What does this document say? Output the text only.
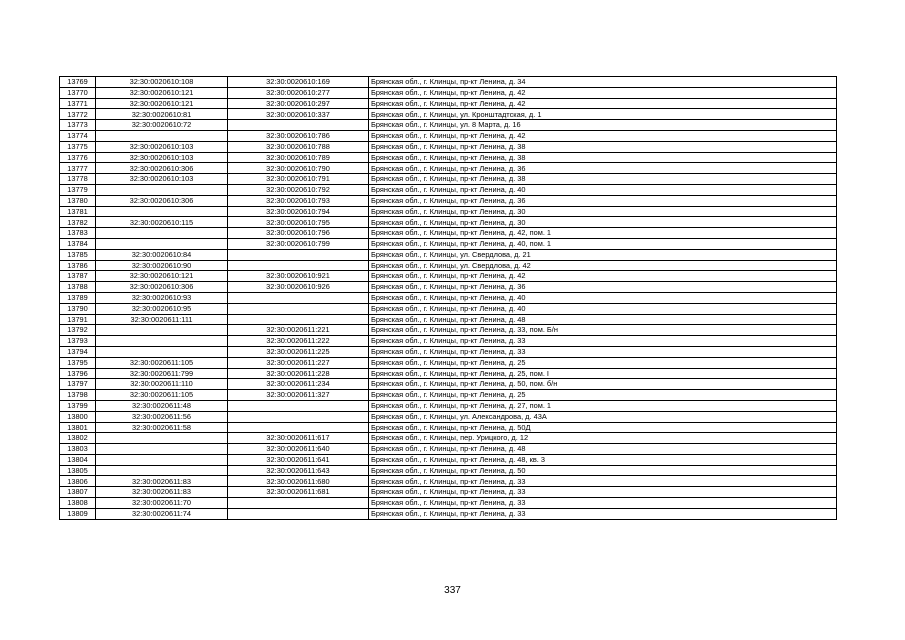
13769	32:30:0020610:108	32:30:0020610:169	Брянская обл., г. Клинцы, пр-кт Ленина, д. 34
13770	32:30:0020610:121	32:30:0020610:277	Брянская обл., г. Клинцы, пр-кт Ленина, д. 42
13771	32:30:0020610:121	32:30:0020610:297	Брянская обл., г. Клинцы, пр-кт Ленина, д. 42
13772	32:30:0020610:81	32:30:0020610:337	Брянская обл., г. Клинцы, ул. Кронштадтская, д. 1
13773	32:30:0020610:72		Брянская обл., г. Клинцы, ул. 8 Марта, д. 16
13774		32:30:0020610:786	Брянская обл., г. Клинцы, пр-кт Ленина, д. 42
13775	32:30:0020610:103	32:30:0020610:788	Брянская обл., г. Клинцы, пр-кт Ленина, д. 38
13776	32:30:0020610:103	32:30:0020610:789	Брянская обл., г. Клинцы, пр-кт Ленина, д. 38
13777	32:30:0020610:306	32:30:0020610:790	Брянская обл., г. Клинцы, пр-кт Ленина, д. 36
13778	32:30:0020610:103	32:30:0020610:791	Брянская обл., г. Клинцы, пр-кт Ленина, д. 38
13779		32:30:0020610:792	Брянская обл., г. Клинцы, пр-кт Ленина, д. 40
13780	32:30:0020610:306	32:30:0020610:793	Брянская обл., г. Клинцы, пр-кт Ленина, д. 36
13781		32:30:0020610:794	Брянская обл., г. Клинцы, пр-кт Ленина, д. 30
13782	32:30:0020610:115	32:30:0020610:795	Брянская обл., г. Клинцы, пр-кт Ленина, д. 30
13783		32:30:0020610:796	Брянская обл., г. Клинцы, пр-кт Ленина, д. 42, пом. 1
13784		32:30:0020610:799	Брянская обл., г. Клинцы, пр-кт Ленина, д. 40, пом. 1
13785	32:30:0020610:84		Брянская обл., г. Клинцы, ул. Свердлова, д. 21
13786	32:30:0020610:90		Брянская обл., г. Клинцы, ул. Свердлова, д. 42
13787	32:30:0020610:121	32:30:0020610:921	Брянская обл., г. Клинцы, пр-кт Ленина, д. 42
13788	32:30:0020610:306	32:30:0020610:926	Брянская обл., г. Клинцы, пр-кт Ленина, д. 36
13789	32:30:0020610:93		Брянская обл., г. Клинцы, пр-кт Ленина, д. 40
13790	32:30:0020610:95		Брянская обл., г. Клинцы, пр-кт Ленина, д. 40
13791	32:30:0020611:111		Брянская обл., г. Клинцы, пр-кт Ленина, д. 48
13792		32:30:0020611:221	Брянская обл., г. Клинцы, пр-кт Ленина, д. 33, пом. Б/н
13793		32:30:0020611:222	Брянская обл., г. Клинцы, пр-кт Ленина, д. 33
13794		32:30:0020611:225	Брянская обл., г. Клинцы, пр-кт Ленина, д. 33
13795	32:30:0020611:105	32:30:0020611:227	Брянская обл., г. Клинцы, пр-кт Ленина, д. 25
13796	32:30:0020611:799	32:30:0020611:228	Брянская обл., г. Клинцы, пр-кт Ленина, д. 25, пом. I
13797	32:30:0020611:110	32:30:0020611:234	Брянская обл., г. Клинцы, пр-кт Ленина, д. 50, пом. б/н
13798	32:30:0020611:105	32:30:0020611:327	Брянская обл., г. Клинцы, пр-кт Ленина, д. 25
13799	32:30:0020611:48		Брянская обл., г. Клинцы, пр-кт Ленина, д. 27, пом. 1
13800	32:30:0020611:56		Брянская обл., г. Клинцы, ул. Александрова, д. 43А
13801	32:30:0020611:58		Брянская обл., г. Клинцы, пр-кт Ленина, д. 50Д
13802		32:30:0020611:617	Брянская обл., г. Клинцы, пер. Урицкого, д. 12
13803		32:30:0020611:640	Брянская обл., г. Клинцы, пр-кт Ленина, д. 48
13804		32:30:0020611:641	Брянская обл., г. Клинцы, пр-кт Ленина, д. 48, кв. 3
13805		32:30:0020611:643	Брянская обл., г. Клинцы, пр-кт Ленина, д. 50
13806	32:30:0020611:83	32:30:0020611:680	Брянская обл., г. Клинцы, пр-кт Ленина, д. 33
13807	32:30:0020611:83	32:30:0020611:681	Брянская обл., г. Клинцы, пр-кт Ленина, д. 33
13808	32:30:0020611:70		Брянская обл., г. Клинцы, пр-кт Ленина, д. 33
13809	32:30:0020611:74		Брянская обл., г. Клинцы, пр-кт Ленина, д. 33
337
